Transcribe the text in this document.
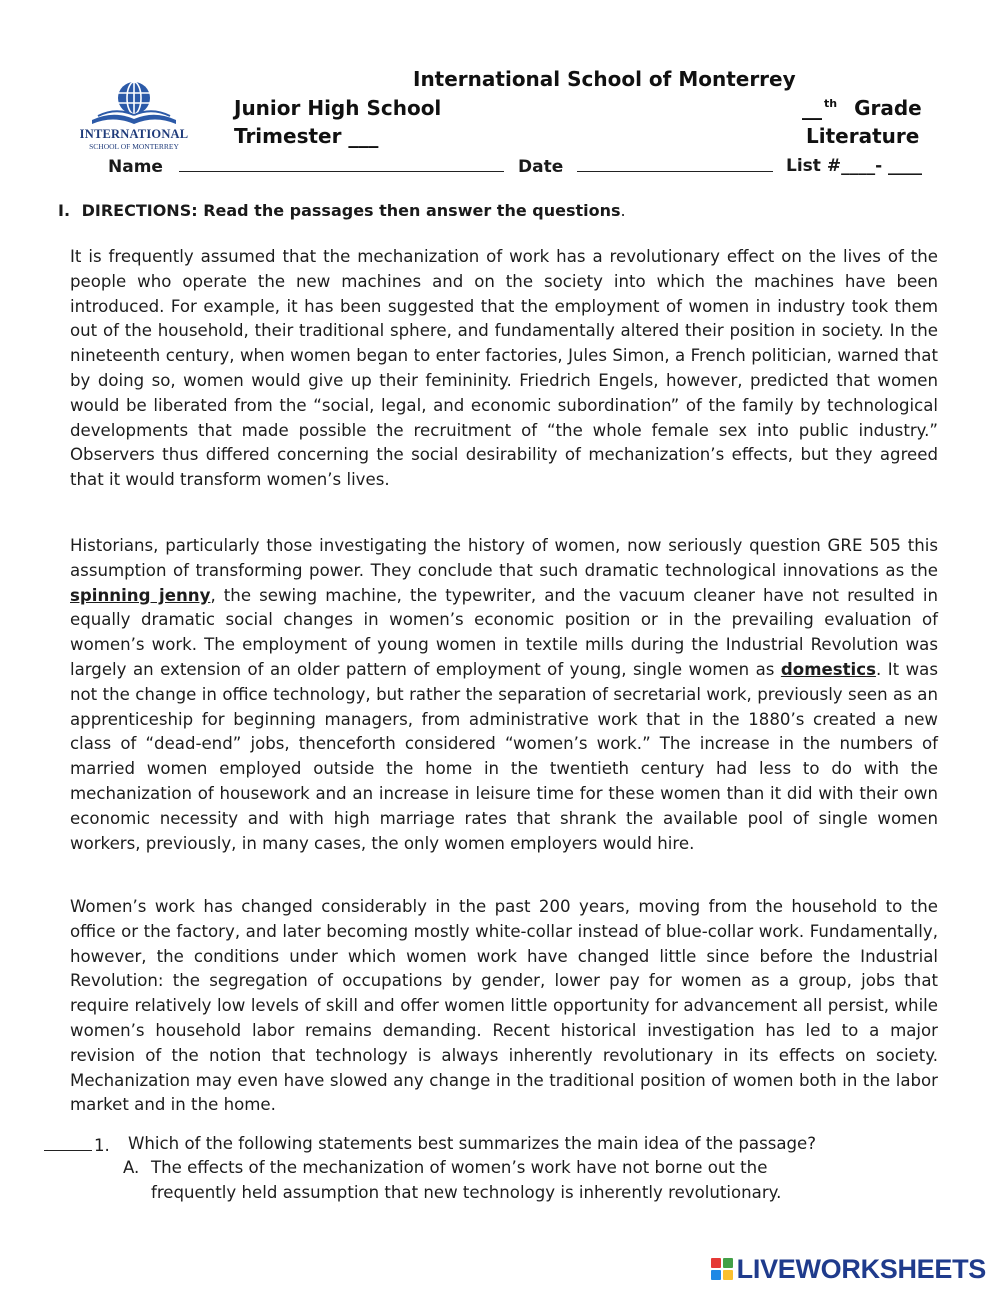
INTERNATIONAL
SCHOOL OF MONTERREY
International School of Monterrey
Junior High School
Trimester ___
__ $^{th}$ Grade
Literature
Name	Date	List #____- ____
I. DIRECTIONS: Read the passages then answer the questions.

It is frequently assumed that the mechanization of work has a revolutionary effect on the lives of the people who operate the new machines and on the society into which the machines have been introduced. For example, it has been suggested that the employment of women in industry took them out of the household, their traditional sphere, and fundamentally altered their position in society. In the nineteenth century, when women began to enter factories, Jules Simon, a French politician, warned that by doing so, women would give up their femininity. Friedrich Engels, however, predicted that women would be liberated from the “social, legal, and economic subordination” of the family by technological developments that made possible the recruitment of “the whole female sex into public industry.” Observers thus differed concerning the social desirability of mechanization’s effects, but they agreed that it would transform women’s lives.

Historians, particularly those investigating the history of women, now seriously question GRE 505 this assumption of transforming power. They conclude that such dramatic technological innovations as the spinning jenny, the sewing machine, the typewriter, and the vacuum cleaner have not resulted in equally dramatic social changes in women’s economic position or in the prevailing evaluation of women’s work. The employment of young women in textile mills during the Industrial Revolution was largely an extension of an older pattern of employment of young, single women as domestics. It was not the change in office technology, but rather the separation of secretarial work, previously seen as an apprenticeship for beginning managers, from administrative work that in the 1880’s created a new class of “dead-end” jobs, thenceforth considered “women’s work.” The increase in the numbers of married women employed outside the home in the twentieth century had less to do with the mechanization of housework and an increase in leisure time for these women than it did with their own economic necessity and with high marriage rates that shrank the available pool of single women workers, previously, in many cases, the only women employers would hire.

Women’s work has changed considerably in the past 200 years, moving from the household to the office or the factory, and later becoming mostly white-collar instead of blue-collar work. Fundamentally, however, the conditions under which women work have changed little since before the Industrial Revolution: the segregation of occupations by gender, lower pay for women as a group, jobs that require relatively low levels of skill and offer women little opportunity for advancement all persist, while women’s household labor remains demanding. Recent historical investigation has led to a major revision of the notion that technology is always inherently revolutionary in its effects on society. Mechanization may even have slowed any change in the traditional position of women both in the labor market and in the home.

1. Which of the following statements best summarizes the main idea of the passage?
A. The effects of the mechanization of women’s work have not borne out the
frequently held assumption that new technology is inherently revolutionary.
LIVEWORKSHEETS
